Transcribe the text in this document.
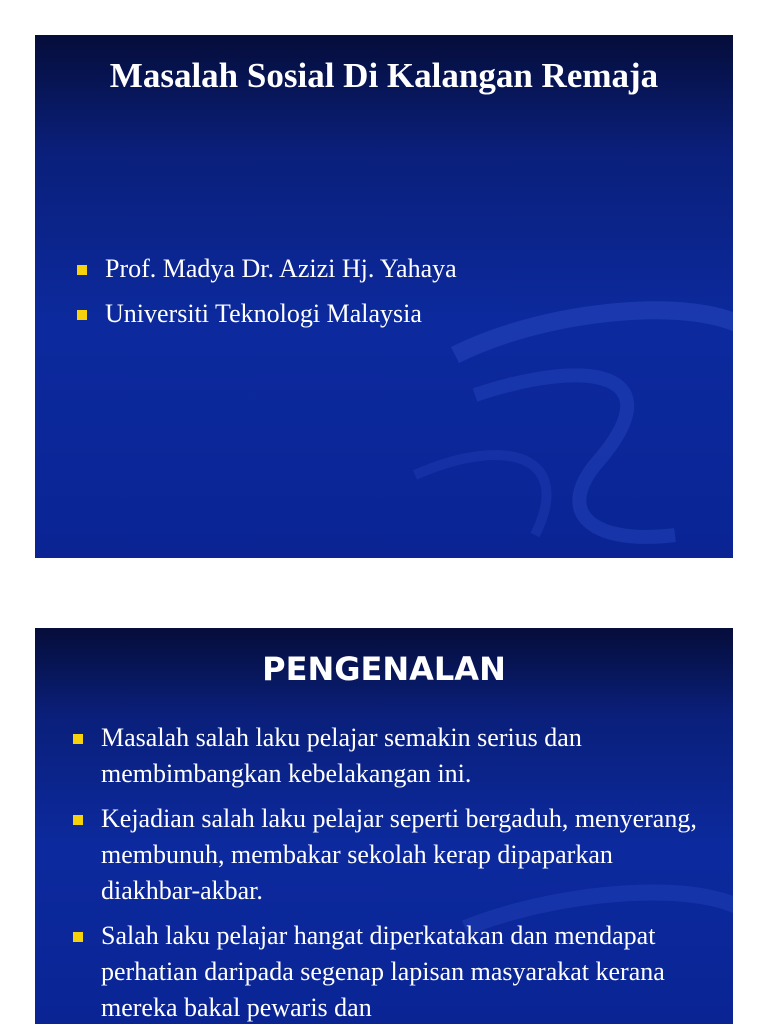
Masalah Sosial Di Kalangan Remaja
Prof. Madya Dr. Azizi Hj. Yahaya
Universiti Teknologi Malaysia
PENGENALAN
Masalah salah laku pelajar semakin serius dan membimbangkan kebelakangan ini.
Kejadian salah laku pelajar seperti bergaduh, menyerang, membunuh, membakar sekolah kerap dipaparkan diakhbar-akbar.
Salah laku pelajar hangat diperkatakan dan mendapat perhatian daripada segenap lapisan masyarakat kerana mereka bakal pewaris dan
